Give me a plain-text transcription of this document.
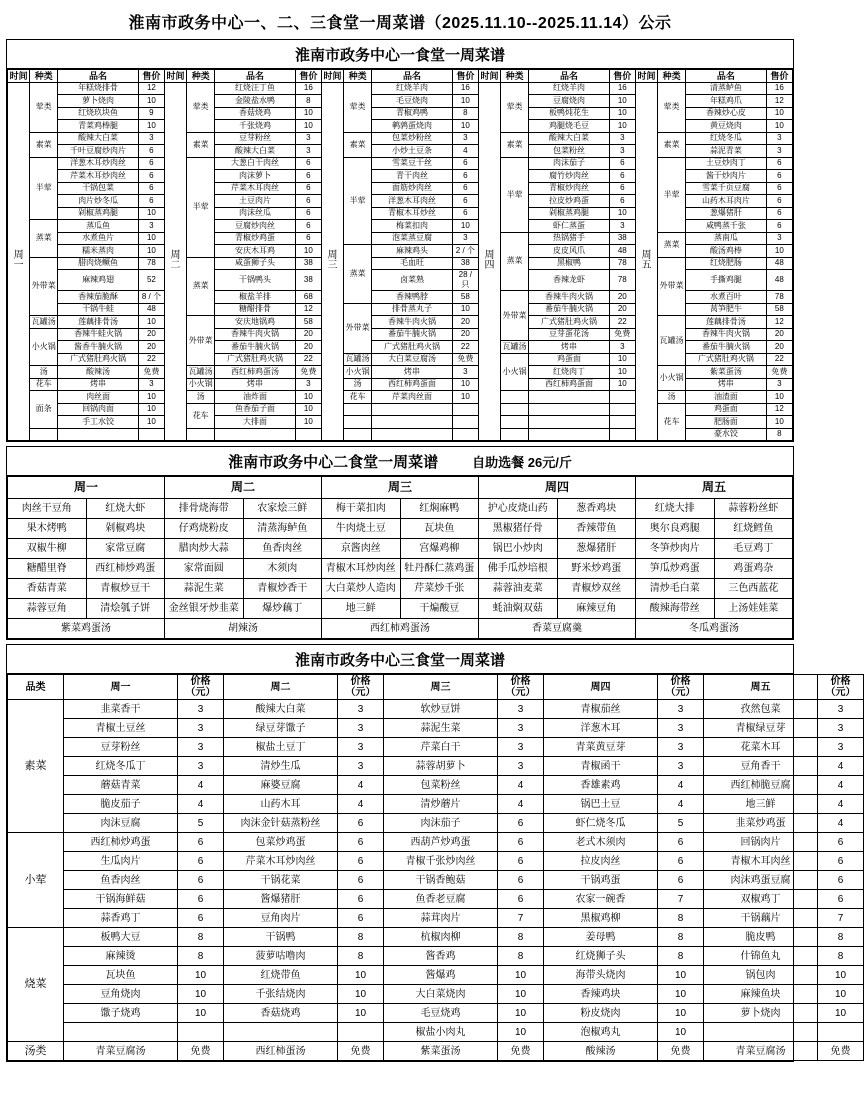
淮南市政务中心一、二、三食堂一周菜谱（2025.11.10--2025.11.14）公示
淮南市政务中心一食堂一周菜谱
时间	种类	品名	售价	时间	种类	品名	售价	时间	种类	品名	售价	时间	种类	品名	售价	时间	种类	品名	售价
周一	荤类	年糕烧排骨	12	周二	荤类	红烧汪丁鱼	16	周三	荤类	红烧羊肉	16	周四	荤类	红烧羊肉	16	周五	荤类	清蒸鲈鱼	16
		萝卜烧肉	10			金陵盐水鸭	8			毛豆烧肉	10			豆腐烧肉	10			年糕鸡爪	12
		红烧玖块鱼	9			香菇烧鸡	10			青椒鸡鸭	8			板鸭炖花生	10			香辣炒心皮	10
		青菜鸡棒腿	10			千张烧鸡	10			鹌鹑蛋烧肉	10			鸡腿烧毛豆	10			黄豆烧肉	10
	素菜	酸辣大白菜	3		素菜	豆芽粉丝	3		素菜	包菜炒粉丝	3		素菜	酸辣大白菜	3		素菜	红烧冬瓜	3
		千叶豆腐炒肉片	6			酸辣大白菜	3			小炒土豆条	4			包菜粉丝	3			蒜泥青菜	3
	半荤	洋葱木耳炒肉丝	6		半荤	大葱白干肉丝	6		半荤	雪菜豆干丝	6		半荤	肉沫茄子	6		半荤	土豆炒肉丁	6
		芹菜木耳炒肉丝	6			肉沫萝卜	6			青干肉丝	6			腐竹炒肉丝	6			酱干炒肉片	6
		干锅包菜	6			芹菜木耳肉丝	6			面筋炒肉丝	6			青椒炒肉丝	6			雪菜千页豆腐	6
		肉片炒冬瓜	6			土豆肉片	6			洋葱木耳肉丝	6			拉皮炒鸡蛋	6			山药木耳肉片	6
		剁椒蒸鸡腿	10			肉沫丝瓜	6			青椒木耳炒丝	6			剁椒蒸鸡腿	10			葱爆猪肝	6
	蒸菜	蒸瓜鱼	3			豆腐炒肉丝	6			梅菜扣肉	10			虾仁蒸蛋	3			咸鸭蒸千张	6
		水煮鱼片	10			青椒炒鸡蛋	6			泡菜蒸豆腐	3		蒸菜	热锅猪手	38		蒸菜	蒸南瓜	3
		糯米蒸肉	10			安庆木耳鸡	10		蒸菜	麻辣鸡头	2 / 个			皮皮风爪	48			酸汤鸡棒	10
	外带菜	腊肉烧鳜鱼	78		蒸菜	咸蛋狮子头	38			毛血旺	38			黑椒鸭	78		外带菜	红烧肥肠	48
		麻辣鸡翅	52			干锅鸭头	38			卤菜熟	28 / 只			香辣龙虾	78			手撕鸡腿	48
		香辣茄脆酥	8 / 个			椒盐羊排	68			香辣鸭脖	58		外带菜	香辣牛肉火锅	20			水煮百叶	78
		干锅牛蛙	48			糖醋排骨	12		外带菜	排骨蒸丸子	10			番茄牛腩火锅	20			莴笋肥牛	58
	瓦罐汤	莲藕排骨汤	10		外带菜	安庆地锅鸡	58			香辣牛肉火锅	20			广式猪肚鸡火锅	22		瓦罐汤	莲藕排骨汤	12
	小火锅	香辣牛蛙火锅	20			香辣牛肉火锅	20			番茄牛腩火锅	20			豆芽蛋花汤	免费			香辣牛肉火锅	20
		酱香牛腩火锅	20			番茄牛腩火锅	20			广式猪肚鸡火锅	22		瓦罐汤	烤串	3			番茄牛腩火锅	20
		广式猪肚鸡火锅	22			广式猪肚鸡火锅	22		瓦罐汤	大白菜豆腐汤	免费		小火锅	鸡蛋面	10			广式猪肚鸡火锅	22
	汤	酸辣汤	免费		瓦罐汤	西红柿鸡蛋汤	免费		小火锅	烤串	3			红烧肉丁	10		小火锅	紫菜蛋汤	免费
	花车	烤串	3		小火锅	烤串	3		汤	西红柿鸡蛋面	10			西红柿鸡蛋面	10			烤串	3
	面条	肉丝面	10		汤	油炸面	10		花车	芹菜肉丝面	10						汤	油渣面	10
		回锅肉面	10		花车	鱼香茄子面	10										花车	鸡蛋面	12
		手工水饺	10			大排面	10											肥肠面	10
																		豪水饺	8
淮南市政务中心二食堂一周菜谱	自助选餐 26元/斤
周一		周二		周三		周四		周五	
肉丝干豆角	红烧大虾	排骨烧海带	农家烩三鲜	梅干菜扣肉	红焖麻鸭	护心皮烧山药	葱香鸡块	红烧大排	蒜蓉粉丝虾
果木烤鸭	剁椒鸡块	仔鸡烧粉皮	清蒸海鲈鱼	牛肉烧土豆	瓦块鱼	黑椒猪仔骨	香辣带鱼	奥尔良鸡腿	红烧鳕鱼
双椒牛柳	家常豆腐	腊肉炒大蒜	鱼香肉丝	京酱肉丝	宫爆鸡柳	锅巴小炒肉	葱爆猪肝	冬笋炒肉片	毛豆鸡丁
糖醋里脊	西红柿炒鸡蛋	家常面圆	木须肉	青椒木耳炒肉丝	牡丹酥仁蒸鸡蛋	佛手瓜炒培根	野米炒鸡蛋	笋瓜炒鸡蛋	鸡蛋鸡杂
香菇青菜	青椒炒豆干	蒜泥生菜	青椒炒香干	大白菜炒人造肉	芹菜炒千张	蒜蓉油麦菜	青椒炒双丝	清炒毛白菜	三色西蓝花
蒜蓉豆角	清烩瓠子饼	金丝银牙炒韭菜	爆炒藕丁	地三鲜	干煸酸豆	蚝油焖双菇	麻辣豆角	酸辣海带丝	上汤娃娃菜
紫菜鸡蛋汤		胡辣汤		西红柿鸡蛋汤		香菜豆腐羹		冬瓜鸡蛋汤	
淮南市政务中心三食堂一周菜谱
品类	周一	价格（元）	周二	价格（元）	周三	价格（元）	周四	价格（元）	周五	价格（元）
素菜	韭菜香干	3	酸辣大白菜	3	软炒豆饼	3	青椒茄丝	3	孜然包菜	3
	青椒土豆丝	3	绿豆芽馓子	3	蒜泥生菜	3	洋葱木耳	3	青椒绿豆芽	3
	豆芽粉丝	3	椒盐土豆丁	3	芹菜白干	3	青菜黄豆芽	3	花菜木耳	3
	红烧冬瓜丁	3	清炒生瓜	3	蒜蓉胡萝卜	3	青椒函干	3	豆角香干	4
	蘑菇青菜	4	麻婆豆腐	4	包菜粉丝	4	香雄素鸡	4	西红柿脆豆腐	4
	脆皮茄子	4	山药木耳	4	清炒蘑片	4	锅巴土豆	4	地三鲜	4
	肉沫豆腐	5	肉沫金针菇蒸粉丝	6	肉沫茄子	6	虾仁烧冬瓜	5	韭菜炒鸡蛋	4
小荤	西红柿炒鸡蛋	6	包菜炒鸡蛋	6	西葫芦炒鸡蛋	6	老式木须肉	6	回锅肉片	6
	生瓜肉片	6	芹菜木耳炒肉丝	6	青椒千张炒肉丝	6	拉皮肉丝	6	青椒木耳肉丝	6
	鱼香肉丝	6	干锅花菜	6	干锅香鲍菇	6	干锅鸡蛋	6	肉沫鸡蛋豆腐	6
	干锅海鲜菇	6	酱爆猪肝	6	鱼香老豆腐	6	农家一碗香	7	双椒鸡丁	6
	蒜香鸡丁	6	豆角肉片	6	蒜茸肉片	7	黑椒鸡柳	8	干锅藕片	7
烧菜	板鸭大豆	8	干锅鸭	8	杭椒肉柳	8	姜母鸭	8	脆皮鸭	8
	麻辣烫	8	菠萝咕噜肉	8	酱香鸡	8	红烧狮子头	8	什锦鱼丸	8
	瓦块鱼	10	红烧带鱼	10	酱爆鸡	10	海带头烧肉	10	锅包肉	10
	豆角烧肉	10	千张结烧肉	10	大白菜烧肉	10	香辣鸡块	10	麻辣鱼块	10
	馓子烧鸡	10	香菇烧鸡	10	毛豆烧鸡	10	粉皮烧肉	10	萝卜烧肉	10
					椒盐小肉丸	10	泡椒鸡丸	10		
汤类	青菜豆腐汤	免费	西红柿蛋汤	免费	紫菜蛋汤	免费	酸辣汤	免费	青菜豆腐汤	免费
